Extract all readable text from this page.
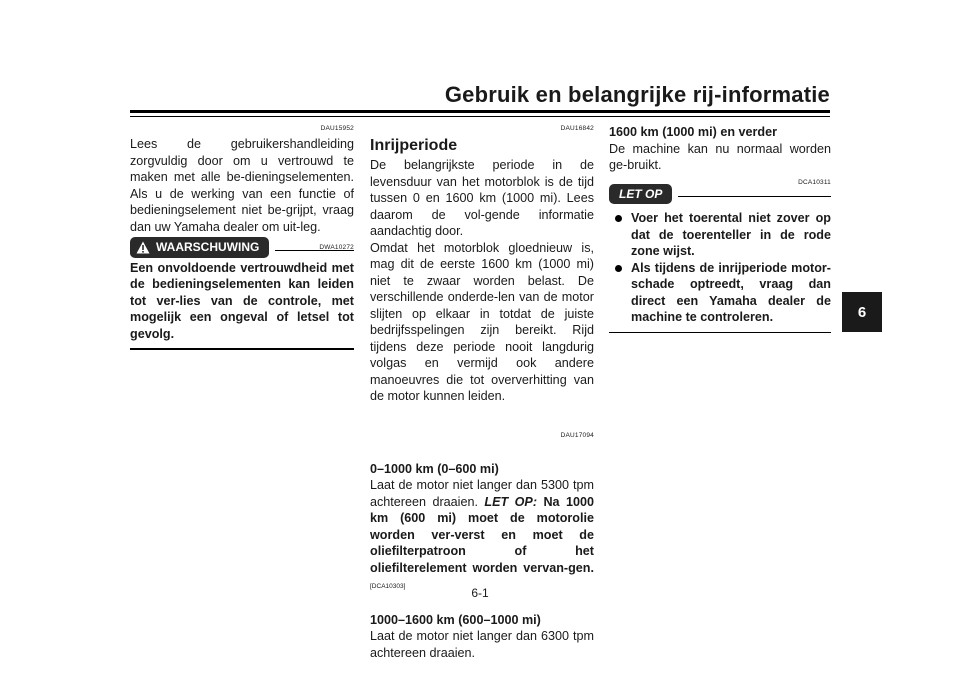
Gebruik en belangrijke rij-informatie
6
DAU15952

Lees de gebruikershandleiding zorgvuldig door om u vertrouwd te maken met alle be-dieningselementen. Als u de werking van een functie of bedieningselement niet be-grijpt, vraag dan uw Yamaha dealer om uit-leg.

WAARSCHUWING	DWA10272

Een onvoldoende vertrouwdheid met de bedieningselementen kan leiden tot ver-lies van de controle, met mogelijk een ongeval of letsel tot gevolg.

DAU16842
Inrijperiode

De belangrijkste periode in de levensduur van het motorblok is de tijd tussen 0 en 1600 km (1000 mi). Lees daarom de vol-gende informatie aandachtig door.

Omdat het motorblok gloednieuw is, mag dit de eerste 1600 km (1000 mi) niet te zwaar worden belast. De verschillende onderde-len van de motor slijten op elkaar in totdat de juiste bedrijfsspelingen zijn bereikt. Rijd tijdens deze periode nooit langdurig volgas en vermijd ook andere manoeuvres die tot oververhitting van de motor kunnen leiden.

DAU17094
0–1000 km (0–600 mi)

Laat de motor niet langer dan 5300 tpm achtereen draaien. LET OP: Na 1000 km (600 mi) moet de motorolie worden ver-verst en moet de oliefilterpatroon of het oliefilterelement worden vervan-gen.[DCA10303]

1000–1600 km (600–1000 mi)

Laat de motor niet langer dan 6300 tpm achtereen draaien.

1600 km (1000 mi) en verder

De machine kan nu normaal worden ge-bruikt.

DCA10311
LET OP
Voer het toerental niet zover op dat de toerenteller in de rode zone wijst.
Als tijdens de inrijperiode motor-schade optreedt, vraag dan direct een Yamaha dealer de machine te controleren.
6-1
